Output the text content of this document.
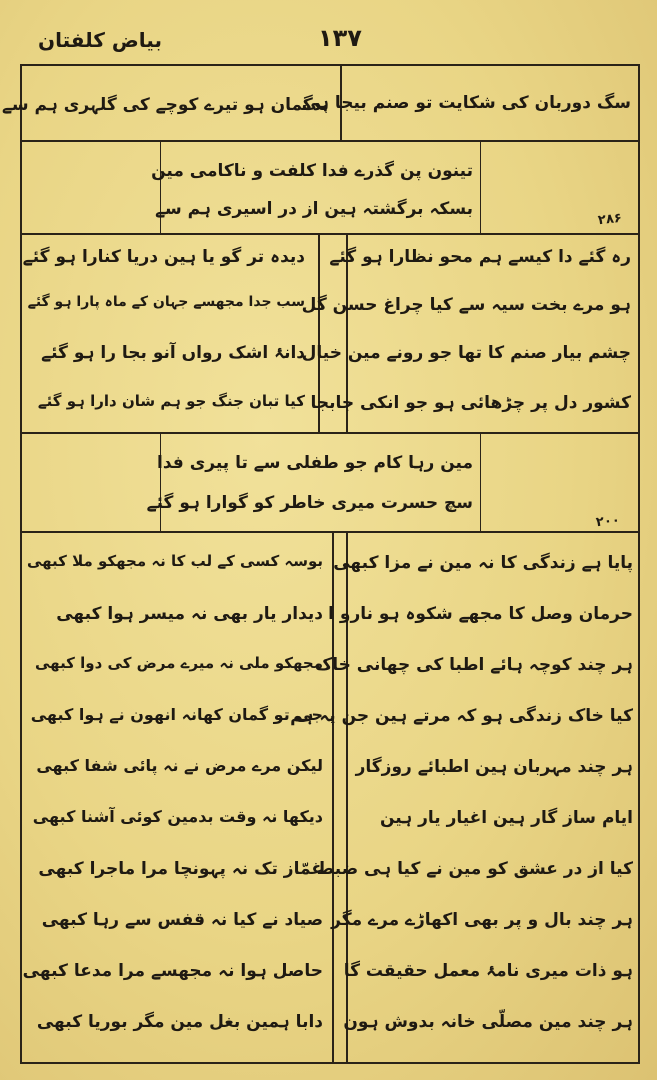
بیاض کلفتان	۱۳۷
سگ دوربان کی شکایت تو صنم بیجا ہی
بدگمان ہو تیرے کوچے کی گلہری ہم سے
تینون پن گذرے فدا کلفت و ناکامی مین
بسکہ برگشتہ ہین از در اسیری ہم سے
۲۸۶
رہ گئے دا کیسے ہم محو نظارا ہو گئے
ہو مرے بخت سیہ سے کیا چراغ حسن گل
چشم بیار صنم کا تھا جو رونے مین خیال
کشور دل پر چڑھائی ہو جو انکی جابجا
دیدہ تر گو یا ہین دریا کنارا ہو گئے
سب جدا مجھسے جہان کے ماہ پارا ہو گئے
دانۂ اشک رواں آنو بجا را ہو گئے
کیا تبان جنگ جو ہم شان دارا ہو گئے
مین رہا کام جو طفلی سے تا پیری فدا
سچ حسرت میری خاطر کو گوارا ہو گئے
۲۰۰
پایا ہے زندگی کا نہ مین نے مزا کبھی
حرمان وصل کا مجھے شکوہ ہو نارو ا
ہر چند کوچہ ہائے اطبا کی چھانی خاک
کیا خاک زندگی ہو کہ مرتے ہین جن پہ ہم
ہر چند مہربان ہین اطبائے روزگار
ایام ساز گار ہین اغیار یار ہین
کیا از در عشق کو مین نے کیا ہی ضبط
ہر چند بال و پر بھی اکھاڑے مرے مگر
ہو ذات میری نامۂ معمل حقیقت گا
ہر چند مین مصلّی خانہ بدوش ہون
بوسہ کسی کے لب کا نہ مجھکو ملا کبھی
دیدار یار بھی نہ میسر ہوا کبھی
مجھکو ملی نہ میرے مرض کی دوا کبھی
جی تو گمان کھانہ انھون نے ہوا کبھی
لیکن مرے مرض نے نہ پائی شفا کبھی
دیکھا نہ وقت بدمین کوئی آشنا کبھی
غمّاز تک نہ پہونچا مرا ماجرا کبھی
صیاد نے کیا نہ قفس سے رہا کبھی
حاصل ہوا نہ مجھسے مرا مدعا کبھی
دابا ہمین بغل مین مگر بوریا کبھی
